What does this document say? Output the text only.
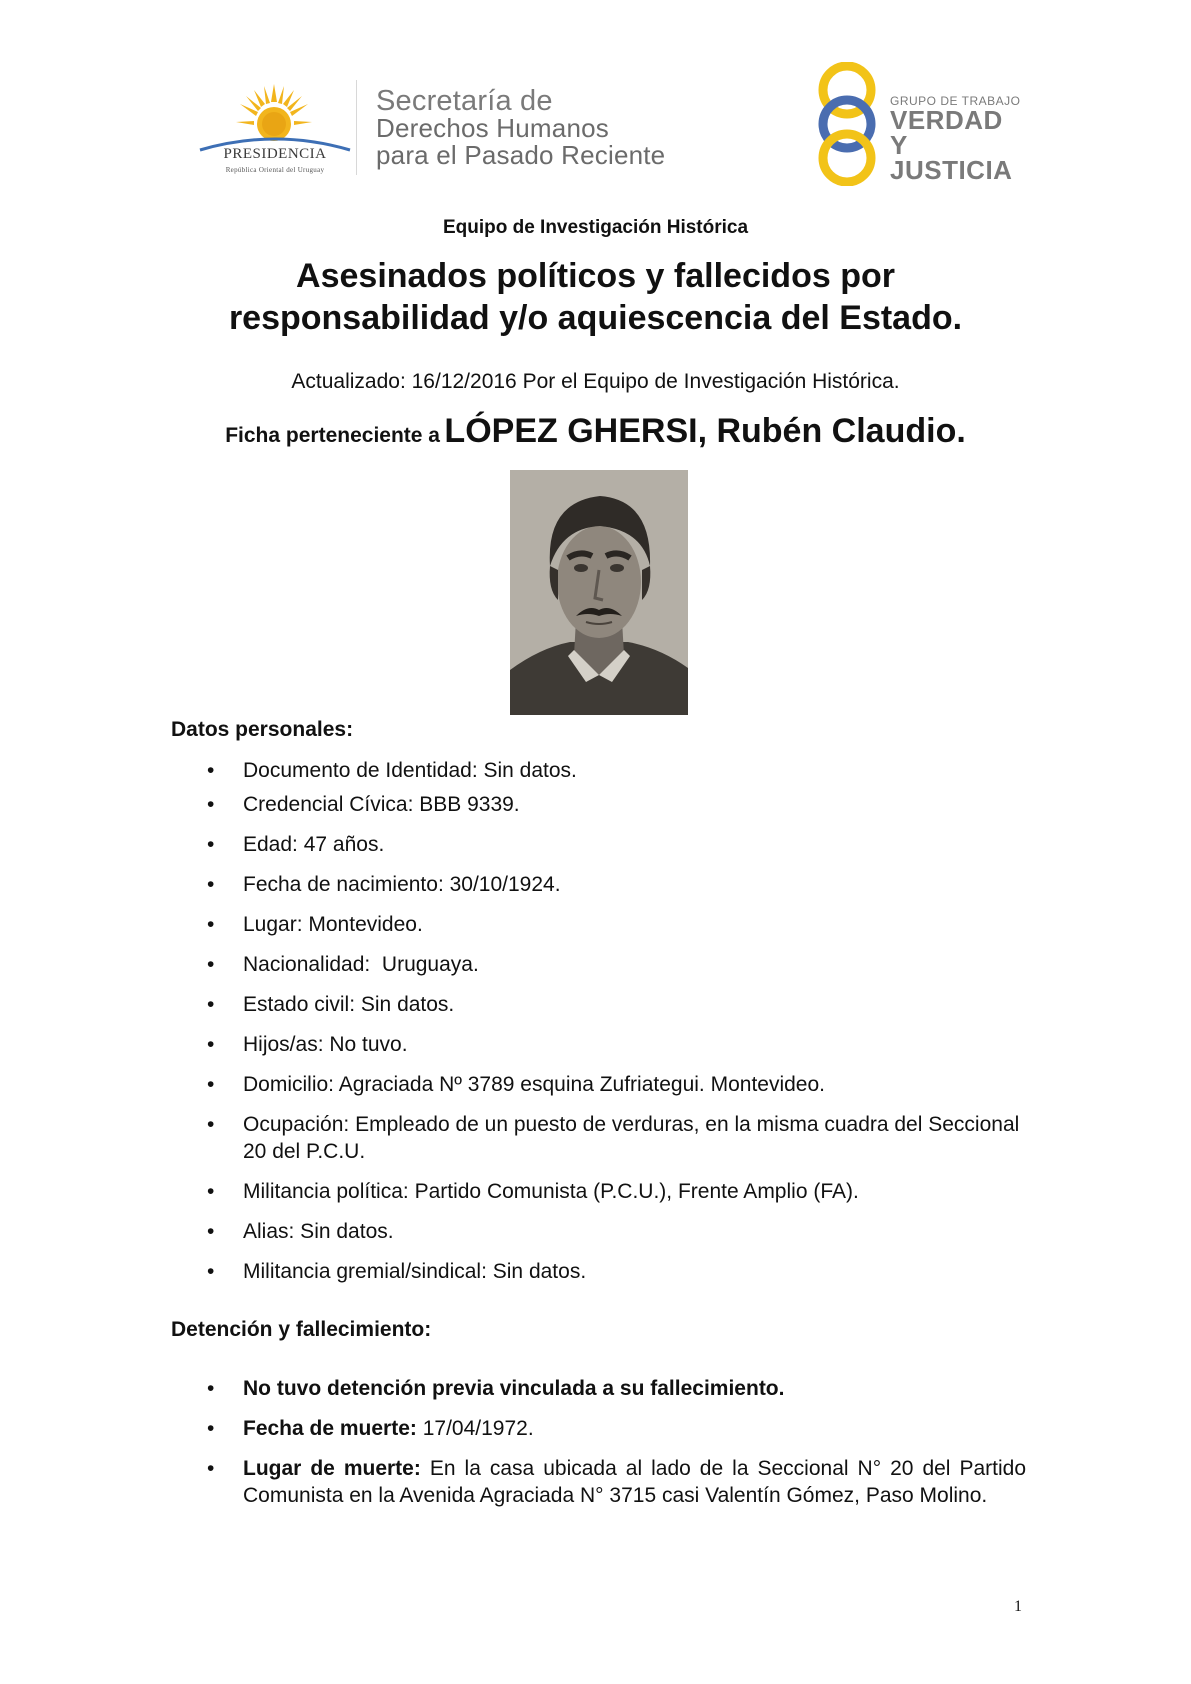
PRESIDENCIA
República Oriental del Uruguay
Secretaría de
Derechos Humanos
para el Pasado Reciente
GRUPO DE TRABAJO
VERDAD Y
JUSTICIA
Equipo de Investigación Histórica
Asesinados políticos y fallecidos por
responsabilidad y/o aquiescencia del Estado.
Actualizado: 16/12/2016 Por el Equipo de Investigación Histórica.
Ficha perteneciente a LÓPEZ GHERSI, Rubén Claudio.
Datos personales:
• Documento de Identidad: Sin datos.
• Credencial Cívica: BBB 9339.
• Edad: 47 años.
• Fecha de nacimiento: 30/10/1924.
• Lugar: Montevideo.
• Nacionalidad:  Uruguaya.
• Estado civil: Sin datos.
• Hijos/as: No tuvo.
• Domicilio: Agraciada Nº 3789 esquina Zufriategui. Montevideo.
• Ocupación: Empleado de un puesto de verduras, en la misma cuadra del Seccional 20 del P.C.U.
• Militancia política: Partido Comunista (P.C.U.), Frente Amplio (FA).
• Alias: Sin datos.
• Militancia gremial/sindical: Sin datos.
Detención y fallecimiento:
• No tuvo detención previa vinculada a su fallecimiento.
• Fecha de muerte: 17/04/1972.
• Lugar de muerte: En la casa ubicada al lado de la Seccional N° 20 del Partido Comunista en la Avenida Agraciada N° 3715 casi Valentín Gómez, Paso Molino.
1
